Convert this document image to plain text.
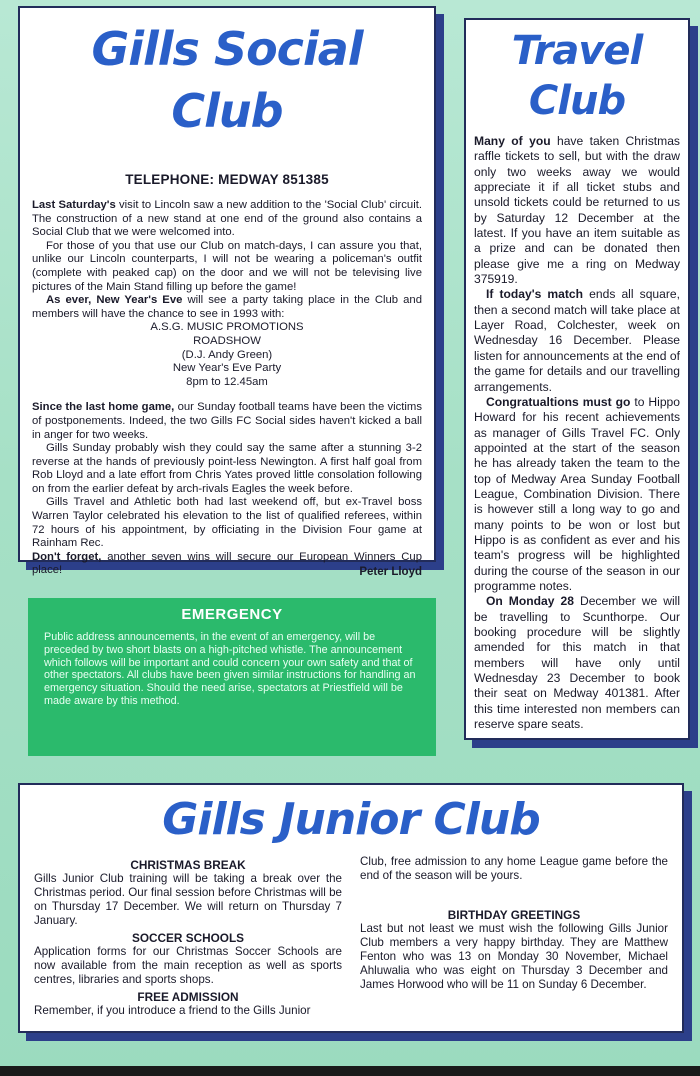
Gills Social Club
TELEPHONE: MEDWAY 851385

Last Saturday's visit to Lincoln saw a new addition to the 'Social Club' circuit. The construction of a new stand at one end of the ground also contains a Social Club that we were welcomed into.

For those of you that use our Club on match-days, I can assure you that, unlike our Lincoln counterparts, I will not be wearing a policeman's outfit (complete with peaked cap) on the door and we will not be televising live pictures of the Main Stand filling up before the game!

As ever, New Year's Eve will see a party taking place in the Club and members will have the chance to see in 1993 with:

A.S.G. MUSIC PROMOTIONS
ROADSHOW
(D.J. Andy Green)
New Year's Eve Party
8pm to 12.45am

Since the last home game, our Sunday football teams have been the victims of postponements. Indeed, the two Gills FC Social sides haven't kicked a ball in anger for two weeks.

Gills Sunday probably wish they could say the same after a stunning 3-2 reverse at the hands of previously point-less Newington. A first half goal from Rob Lloyd and a late effort from Chris Yates proved little consolation following on from the earlier defeat by arch-rivals Eagles the week before.

Gills Travel and Athletic both had last weekend off, but ex-Travel boss Warren Taylor celebrated his elevation to the list of qualified referees, within 72 hours of his appointment, by officiating in the Division Four game at Rainham Rec.

Don't forget, another seven wins will secure our European Winners Cup place!	Peter Lloyd
EMERGENCY

Public address announcements, in the event of an emergency, will be preceded by two short blasts on a high-pitched whistle. The announcement which follows will be important and could concern your own safety and that of other spectators. All clubs have been given similar instructions for handling an emergency situation. Should the need arise, spectators at Priestfield will be made aware by this method.

Travel Club

Many of you have taken Christmas raffle tickets to sell, but with the draw only two weeks away we would appreciate it if all ticket stubs and unsold tickets could be returned to us by Saturday 12 December at the latest. If you have an item suitable as a prize and can be donated then please give me a ring on Medway 375919.

If today's match ends all square, then a second match will take place at Layer Road, Colchester, week on Wednesday 16 December. Please listen for announcements at the end of the game for details and our travelling arrangements.

Congratualtions must go to Hippo Howard for his recent achievements as manager of Gills Travel FC. Only appointed at the start of the season he has already taken the team to the top of Medway Area Sunday Football League, Combination Division. There is however still a long way to go and many points to be won or lost but Hippo is as confident as ever and his team's progress will be highlighted during the course of the season in our programme notes.

On Monday 28 December we will be travelling to Scunthorpe. Our booking procedure will be slightly amended for this match in that members will have only until Wednesday 23 December to book their seat on Medway 401381. After this time interested non members can reserve spare seats.

Gills Junior Club
CHRISTMAS BREAK

Gills Junior Club training will be taking a break over the Christmas period. Our final session before Christmas will be on Thursday 17 December. We will return on Thursday 7 January.

SOCCER SCHOOLS

Application forms for our Christmas Soccer Schools are now available from the main reception as well as sports centres, libraries and sports shops.

FREE ADMISSION

Remember, if you introduce a friend to the Gills Junior

Club, free admission to any home League game before the end of the season will be yours.

BIRTHDAY GREETINGS

Last but not least we must wish the following Gills Junior Club members a very happy birthday. They are Matthew Fenton who was 13 on Monday 30 November, Michael Ahluwalia who was eight on Thursday 3 December and James Horwood who will be 11 on Sunday 6 December.
